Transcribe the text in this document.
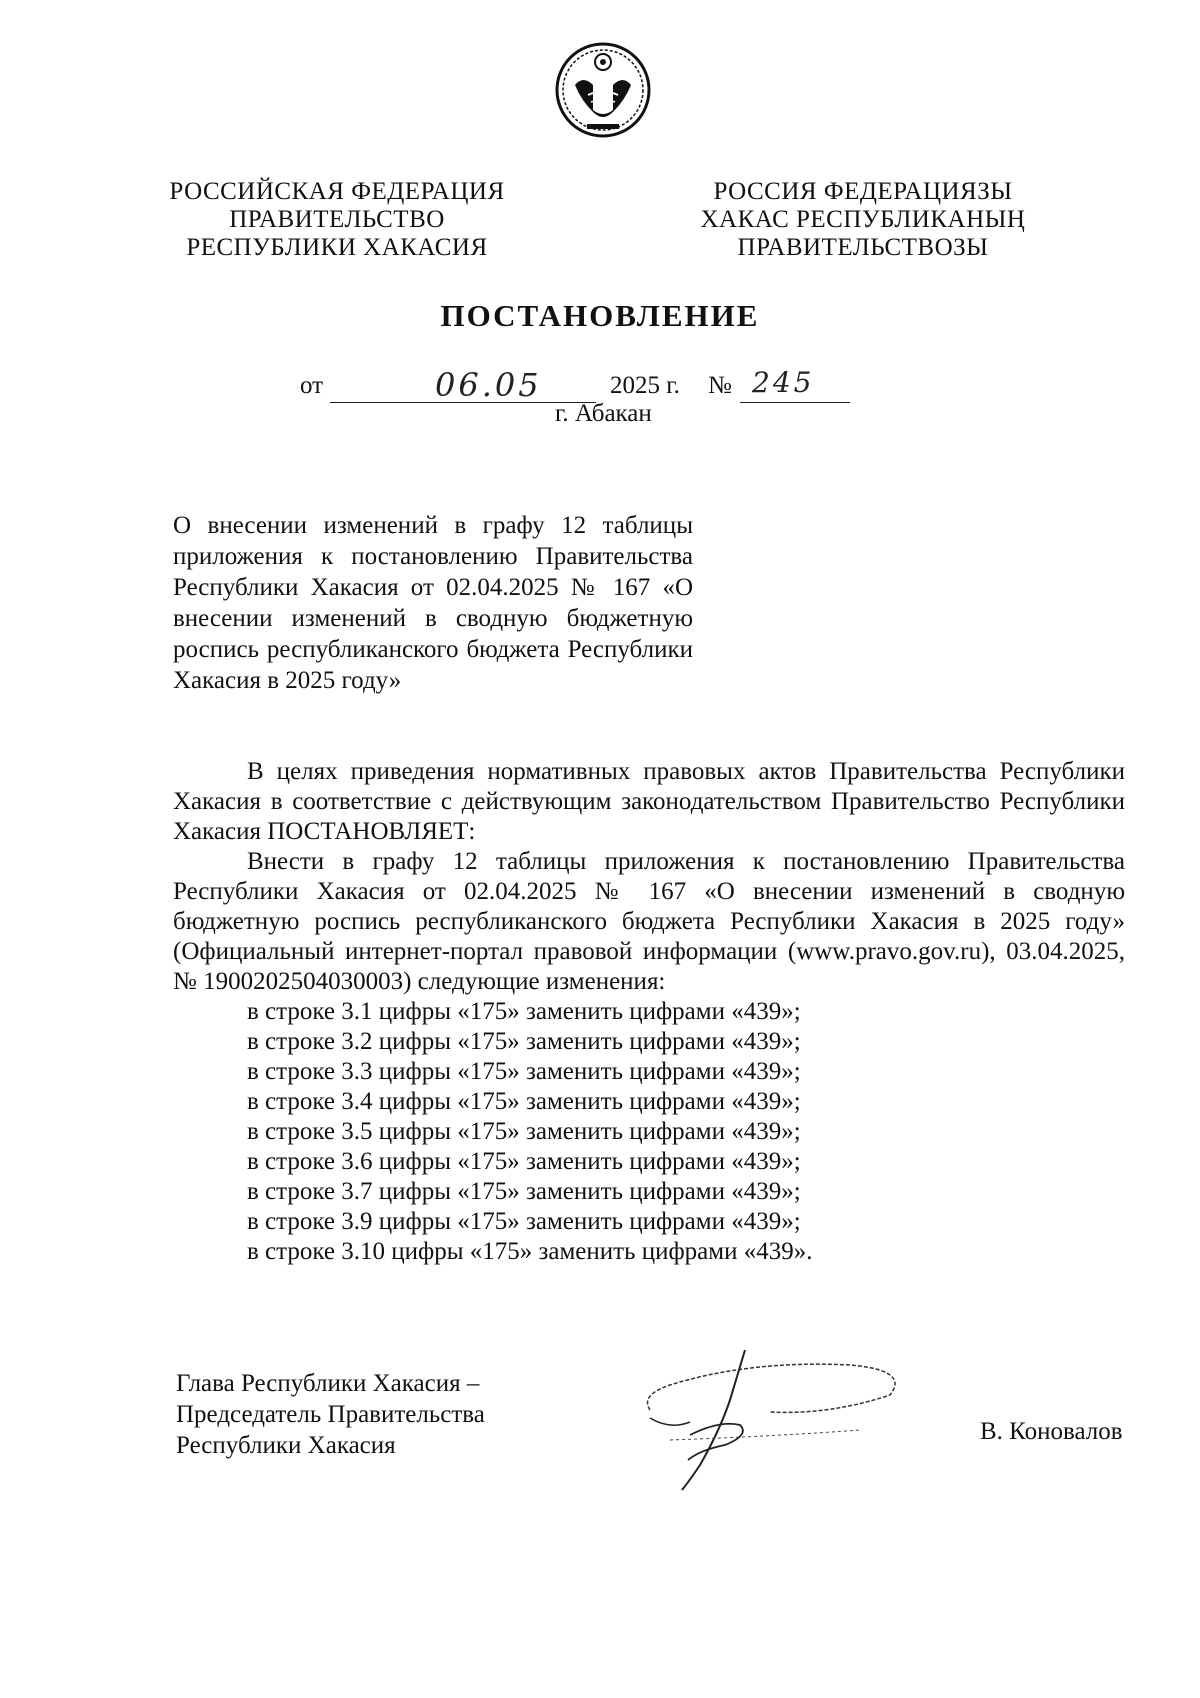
РОССИЙСКАЯ ФЕДЕРАЦИЯ
ПРАВИТЕЛЬСТВО
РЕСПУБЛИКИ ХАКАСИЯ
РОССИЯ ФЕДЕРАЦИЯЗЫ
ХАКАС РЕСПУБЛИКАНЫҢ
ПРАВИТЕЛЬСТВОЗЫ
ПОСТАНОВЛЕНИЕ
от	06.05	2025 г. № 245
г. Абакан
О внесении изменений в графу 12 таблицы приложения к постановлению Правительства Республики Хакасия от 02.04.2025 № 167 «О внесении изменений в сводную бюджетную роспись республиканского бюджета Республики Хакасия в 2025 году»

В целях приведения нормативных правовых актов Правительства Республики Хакасия в соответствие с действующим законодательством Правительство Республики Хакасия ПОСТАНОВЛЯЕТ:

Внести в графу 12 таблицы приложения к постановлению Правительства Республики Хакасия от 02.04.2025 № 167 «О внесении изменений в сводную бюджетную роспись республиканского бюджета Республики Хакасия в 2025 году» (Официальный интернет-портал правовой информации (www.pravo.gov.ru), 03.04.2025, № 1900202504030003) следующие изменения:

в строке 3.1 цифры «175» заменить цифрами «439»;
в строке 3.2 цифры «175» заменить цифрами «439»;
в строке 3.3 цифры «175» заменить цифрами «439»;
в строке 3.4 цифры «175» заменить цифрами «439»;
в строке 3.5 цифры «175» заменить цифрами «439»;
в строке 3.6 цифры «175» заменить цифрами «439»;
в строке 3.7 цифры «175» заменить цифрами «439»;
в строке 3.9 цифры «175» заменить цифрами «439»;
в строке 3.10 цифры «175» заменить цифрами «439».
Глава Республики Хакасия –
Председатель Правительства
Республики Хакасия
В. Коновалов
